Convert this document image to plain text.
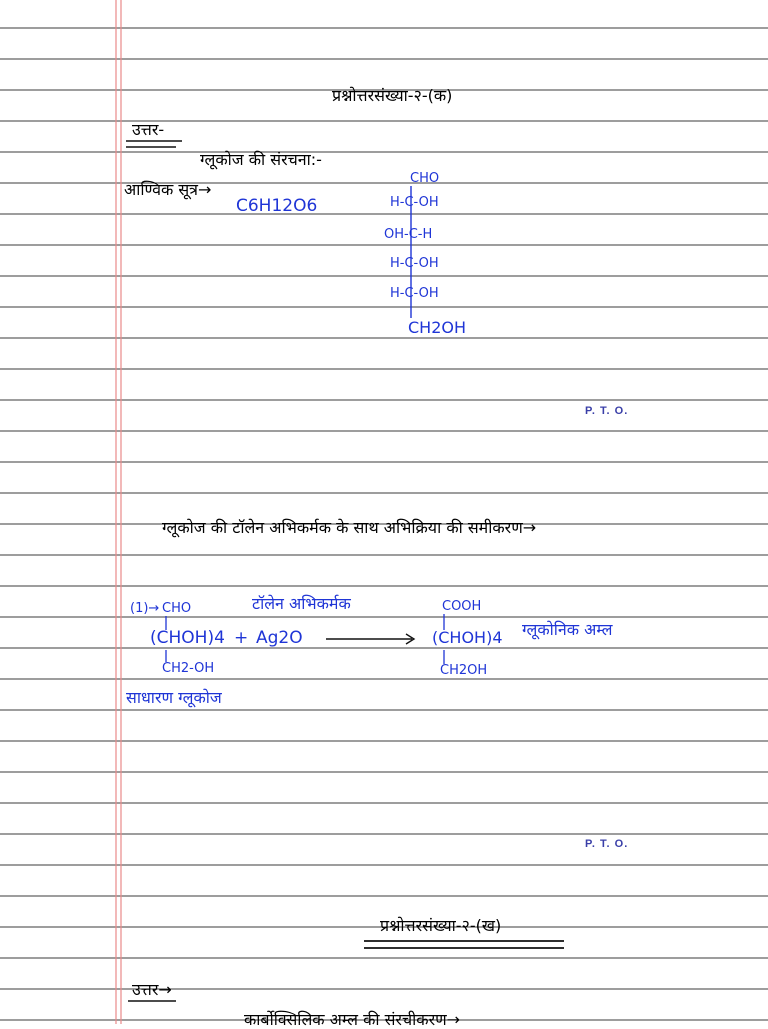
प्रश्नोत्तरसंख्या-२-(क)
उत्तर-
ग्लूकोज की संरचना:-
आण्विक सूत्र→
C6H12O6
CHO
H-C-OH
OH-C-H
H-C-OH
H-C-OH
CH2OH
P. T. O.
ग्लूकोज की टॉलेन अभिकर्मक के साथ अभिक्रिया की समीकरण→
(1)→ CHO	टॉलेन अभिकर्मक
(CHOH)4 + Ag2O
CH2-OH
साधारण ग्लूकोज
COOH
(CHOH)4
CH2OH
ग्लूकोनिक अम्ल
P. T. O.
प्रश्नोत्तरसंख्या-२-(ख)
उत्तर→
कार्बोक्सिलिक अम्ल की संरचीकरण→
